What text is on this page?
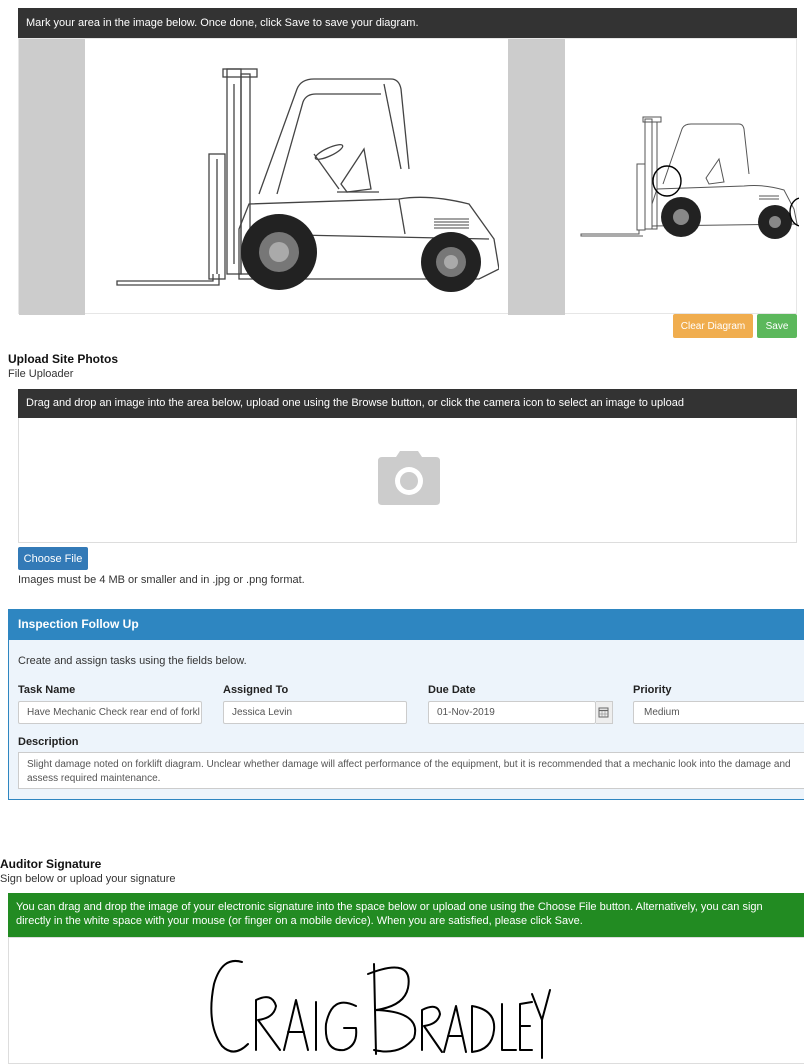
Mark your area in the image below. Once done, click Save to save your diagram.
Clear Diagram	Save
Upload Site Photos
File Uploader
Drag and drop an image into the area below, upload one using the Browse button, or click the camera icon to select an image to upload
Choose File
Images must be 4 MB or smaller and in .jpg or .png format.
Inspection Follow Up
Create and assign tasks using the fields below.
Task Name
Have Mechanic Check rear end of forkl
Assigned To
Jessica Levin
Due Date
01-Nov-2019
Priority
Medium
Description
Slight damage noted on forklift diagram. Unclear whether damage will affect performance of the equipment, but it is recommended that a mechanic look into the damage and assess required maintenance.
Auditor Signature
Sign below or upload your signature
You can drag and drop the image of your electronic signature into the space below or upload one using the Choose File button. Alternatively, you can sign directly in the white space with your mouse (or finger on a mobile device). When you are satisfied, please click Save.
